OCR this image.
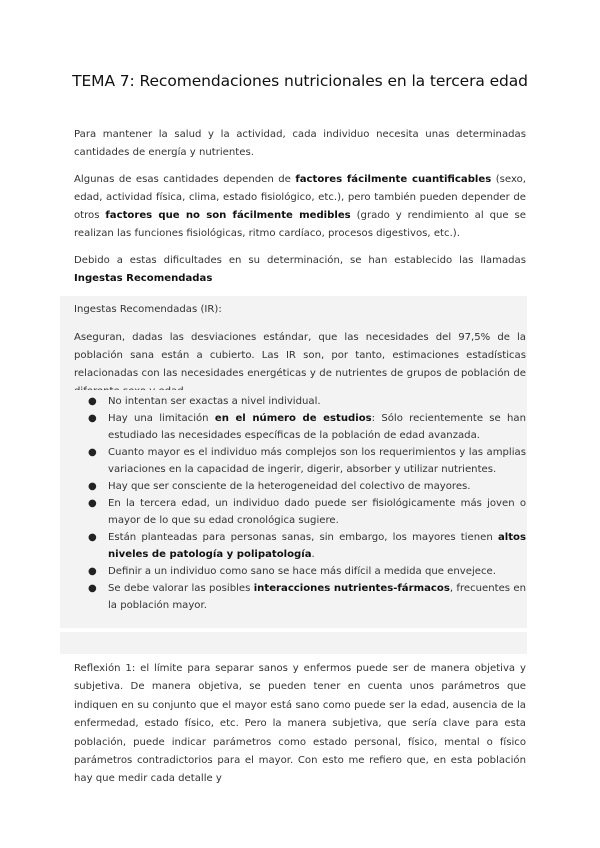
TEMA 7: Recomendaciones nutricionales en la tercera edad
Para mantener la salud y la actividad, cada individuo necesita unas determinadas cantidades de energía y nutrientes.
Algunas de esas cantidades dependen de factores fácilmente cuantificables (sexo, edad, actividad física, clima, estado fisiológico, etc.), pero también pueden depender de otros factores que no son fácilmente medibles (grado y rendimiento al que se realizan las funciones fisiológicas, ritmo cardíaco, procesos digestivos, etc.).
Debido a estas dificultades en su determinación, se han establecido las llamadas Ingestas Recomendadas
Ingestas Recomendadas (IR):
Aseguran, dadas las desviaciones estándar, que las necesidades del 97,5% de la población sana están a cubierto. Las IR son, por tanto, estimaciones estadísticas relacionadas con las necesidades energéticas y de nutrientes de grupos de población de
● No intentan ser exactas a nivel individual.
● Hay una limitación en el número de estudios: Sólo recientemente se han estudiado las necesidades específicas de la población de edad avanzada.
● Cuanto mayor es el individuo más complejos son los requerimientos y las amplias variaciones en la capacidad de ingerir, digerir, absorber y utilizar nutrientes.
● Hay que ser consciente de la heterogeneidad del colectivo de mayores.
● En la tercera edad, un individuo dado puede ser fisiológicamente más joven o mayor de lo que su edad cronológica sugiere.
● Están planteadas para personas sanas, sin embargo, los mayores tienen altos niveles de patología y polipatología.
● Definir a un individuo como sano se hace más difícil a medida que envejece.
● Se debe valorar las posibles interacciones nutrientes-fármacos, frecuentes en la población mayor.
Reflexión 1: el límite para separar sanos y enfermos puede ser de manera objetiva y subjetiva. De manera objetiva, se pueden tener en cuenta unos parámetros que indiquen en su conjunto que el mayor está sano como puede ser la edad, ausencia de la enfermedad, estado físico, etc. Pero la manera subjetiva, que sería clave para esta población, puede indicar parámetros como estado personal, físico, mental o físico parámetros contradictorios para el mayor. Con esto me refiero que, en esta población hay que medir cada detalle y
